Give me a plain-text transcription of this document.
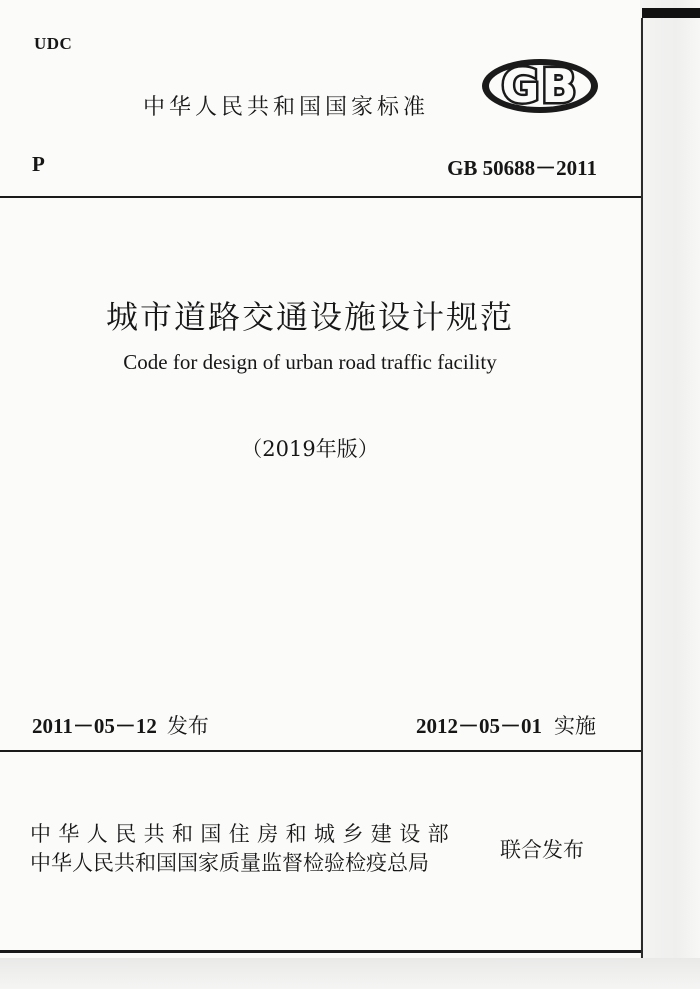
UDC
中华人民共和国国家标准 GB
P	GB 50688－2011
城市道路交通设施设计规范
Code for design of urban road traffic facility
（2019年版）
2011－05－12 发布	2012－05－01 实施
中华人民共和国住房和城乡建设部
中华人民共和国国家质量监督检验检疫总局
联合发布
